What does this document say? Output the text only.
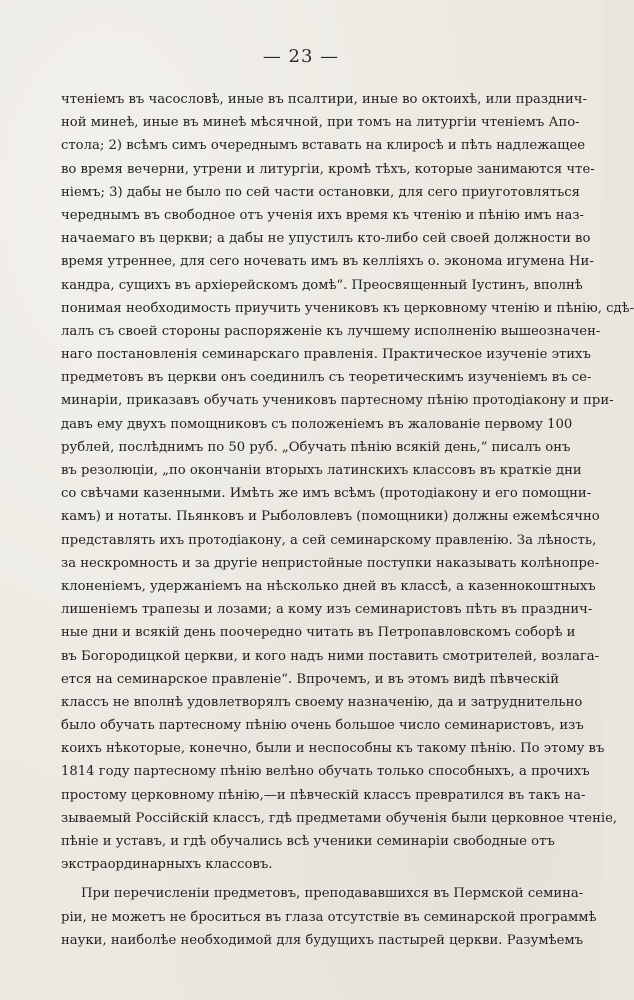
— 23 —
чтеніемъ въ часословѣ, иные въ псалтири, иные во октоихѣ, или празднич-
ной минеѣ, иные въ минеѣ мѣсячной, при томъ на литургіи чтеніемъ Апо-
стола; 2) всѣмъ симъ очереднымъ вставать на клиросѣ и пѣть надлежащее
во время вечерни, утрени и литургіи, кромѣ тѣхъ, которые занимаются чте-
ніемъ; 3) дабы не было по сей части остановки, для сего приуготовляться
череднымъ въ свободное отъ ученія ихъ время къ чтенію и пѣнію имъ наз-
начаемаго въ церкви; а дабы не упустилъ кто-либо сей своей должности во
время утреннее, для сего ночевать имъ въ келліяхъ о. эконома игумена Ни-
кандра, сущихъ въ архіерейскомъ домѣ“. Преосвященный Іустинъ, вполнѣ
понимая необходимость приучить учениковъ къ церковному чтенію и пѣнію, сдѣ-
лалъ съ своей стороны распоряженіе къ лучшему исполненію вышеозначен-
наго постановленія семинарскаго правленія. Практическое изученіе этихъ
предметовъ въ церкви онъ соединилъ съ теоретическимъ изученіемъ въ се-
минаріи, приказавъ обучать учениковъ партесному пѣнію протодіакону и при-
давъ ему двухъ помощниковъ съ положеніемъ въ жалованіе первому 100
рублей, послѣднимъ по 50 руб. „Обучать пѣнію всякій день,“ писалъ онъ
въ резолюціи, „по окончаніи вторыхъ латинскихъ классовъ въ краткіе дни
со свѣчами казенными. Имѣть же имъ всѣмъ (протодіакону и его помощни-
камъ) и нотаты. Пьянковъ и Рыболовлевъ (помощники) должны ежемѣсячно
представлять ихъ протодіакону, а сей семинарскому правленію. За лѣность,
за нескромность и за другіе непристойные поступки наказывать колѣнопре-
клоненіемъ, удержаніемъ на нѣсколько дней въ классѣ, а казеннокоштныхъ
лишеніемъ трапезы и лозами; а кому изъ семинаристовъ пѣть въ празднич-
ные дни и всякій день поочередно читать въ Петропавловскомъ соборѣ и
въ Богородицкой церкви, и кого надъ ними поставить смотрителей, возлага-
ется на семинарское правленіе“. Впрочемъ, и въ этомъ видѣ пѣвческій
классъ не вполнѣ удовлетворялъ своему назначенію, да и затруднительно
было обучать партесному пѣнію очень большое число семинаристовъ, изъ
коихъ нѣкоторые, конечно, были и неспособны къ такому пѣнію. По этому въ
1814 году партесному пѣнію велѣно обучать только способныхъ, а прочихъ
простому церковному пѣнію,—и пѣвческій классъ превратился въ такъ на-
зываемый Россійскій классъ, гдѣ предметами обученія были церковное чтеніе,
пѣніе и уставъ, и гдѣ обучались всѣ ученики семинаріи свободные отъ
экстраординарныхъ классовъ.
При перечисленіи предметовъ, преподававшихся въ Пермской семина-
ріи, не можетъ не броситься въ глаза отсутствіе въ семинарской программѣ
науки, наиболѣе необходимой для будущихъ пастырей церкви. Разумѣемъ
